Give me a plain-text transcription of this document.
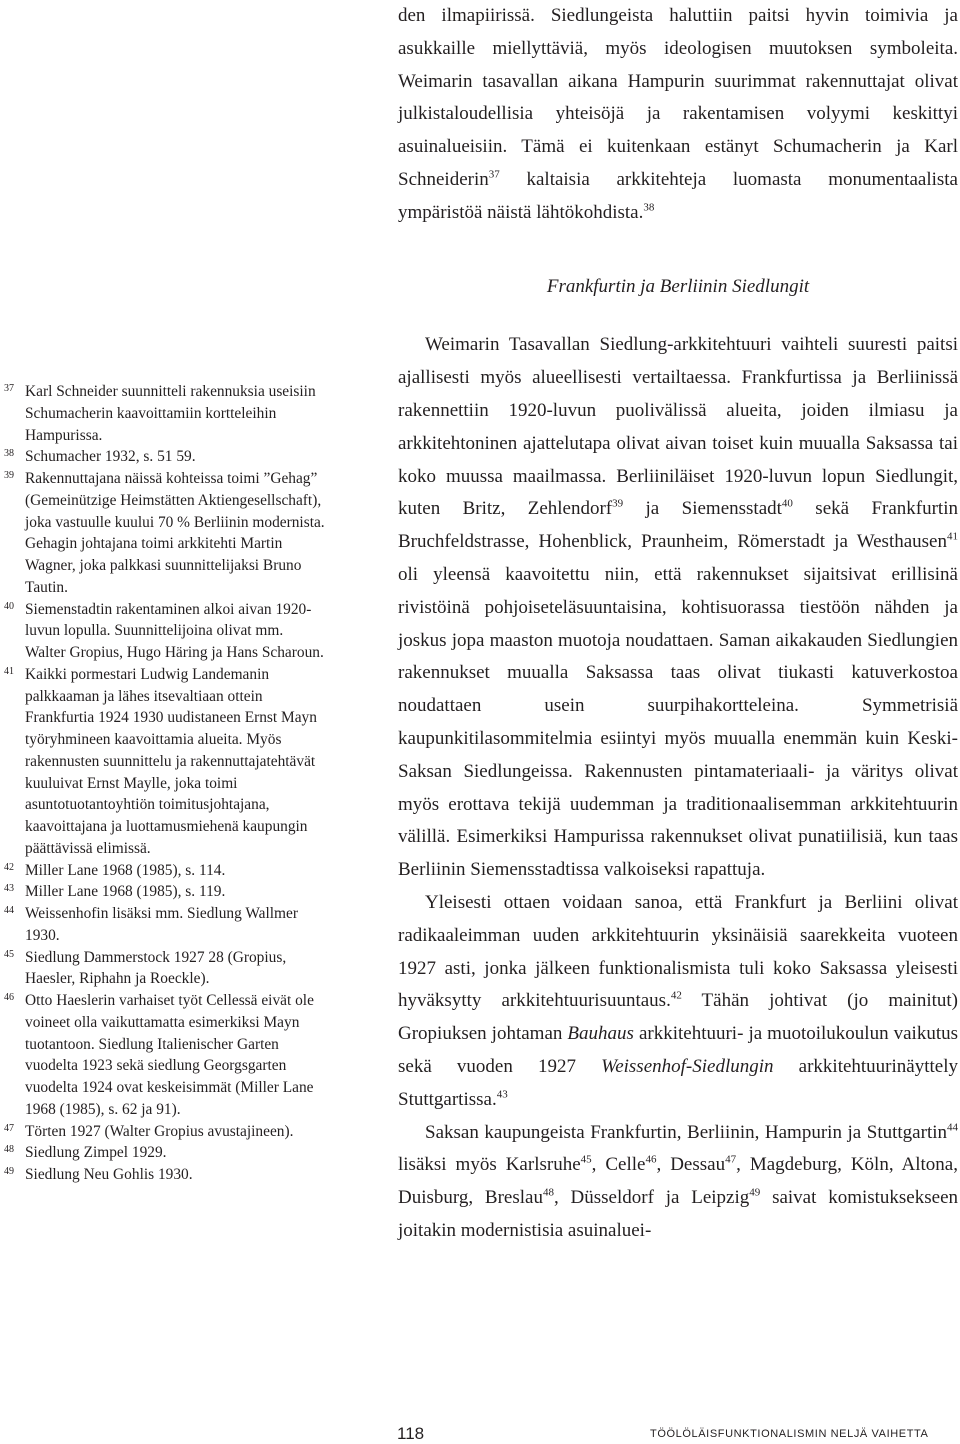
den ilmapiirissä. Siedlungeista haluttiin paitsi hyvin toimivia ja asukkaille miellyttäviä, myös ideologisen muutoksen symboleita. Weimarin tasavallan aikana Hampurin suurimmat rakennuttajat olivat julkistaloudellisia yhteisöjä ja rakentamisen volyymi keskittyi asuinalueisiin. Tämä ei kuitenkaan estänyt Schumacherin ja Karl Schneiderin$^{37}$ kaltaisia arkkitehteja luomasta monumentaalista ympäristöä näistä lähtökohdista.$^{38}$

Frankfurtin ja Berliinin Siedlungit

Weimarin Tasavallan Siedlung-arkkitehtuuri vaihteli suuresti paitsi ajallisesti myös alueellisesti vertailtaessa. Frankfurtissa ja Berliinissä rakennettiin 1920-luvun puolivälissä alueita, joiden ilmiasu ja arkkitehtoninen ajattelutapa olivat aivan toiset kuin muualla Saksassa tai koko muussa maailmassa. Berliiniläiset 1920-luvun lopun Siedlungit, kuten Britz, Zehlendorf$^{39}$ ja Siemensstadt$^{40}$ sekä Frankfurtin Bruchfeldstrasse, Hohenblick, Praunheim, Römerstadt ja Westhausen$^{41}$ oli yleensä kaavoitettu niin, että rakennukset sijaitsivat erillisinä rivistöinä pohjoiseteläsuuntaisina, kohtisuorassa tiestöön nähden ja joskus jopa maaston muotoja noudattaen. Saman aikakauden Siedlungien rakennukset muualla Saksassa taas olivat tiukasti katuverkostoa noudattaen usein suurpihakortteleina. Symmetrisiä kaupunkitilasommitelmia esiintyi myös muualla enemmän kuin Keski-Saksan Siedlungeissa. Rakennusten pintamateriaali- ja väritys olivat myös erottava tekijä uudemman ja traditionaalisemman arkkitehtuurin välillä. Esimerkiksi Hampurissa rakennukset olivat punatiilisiä, kun taas Berliinin Siemensstadtissa valkoiseksi rapattuja.

Yleisesti ottaen voidaan sanoa, että Frankfurt ja Berliini olivat radikaaleimman uuden arkkitehtuurin yksinäisiä saarekkeita vuoteen 1927 asti, jonka jälkeen funktionalismista tuli koko Saksassa yleisesti hyväksytty arkkitehtuurisuuntaus.$^{42}$ Tähän johtivat (jo mainitut) Gropiuksen johtaman Bauhaus arkkitehtuuri- ja muotoilukoulun vaikutus sekä vuoden 1927 Weissenhof-Siedlungin arkkitehtuurinäyttely Stuttgartissa.$^{43}$

Saksan kaupungeista Frankfurtin, Berliinin, Hampurin ja Stuttgartin$^{44}$ lisäksi myös Karlsruhe$^{45}$, Celle$^{46}$, Dessau$^{47}$, Magdeburg, Köln, Altona, Duisburg, Breslau$^{48}$, Düsseldorf ja Leipzig$^{49}$ saivat komistuksekseen joitakin modernistisia asuinaluei-

37 Karl Schneider suunnitteli rakennuksia useisiin Schumacherin kaavoittamiin kortteleihin Hampurissa.
38 Schumacher 1932, s. 51 59.
39 Rakennuttajana näissä kohteissa toimi ”Gehag” (Gemeinützige Heimstätten Aktiengesellschaft), joka vastuulle kuului 70 % Berliinin modernista. Gehagin johtajana toimi arkkitehti Martin Wagner, joka palkkasi suunnittelijaksi Bruno Tautin.
40 Siemenstadtin rakentaminen alkoi aivan 1920-luvun lopulla. Suunnittelijoina olivat mm. Walter Gropius, Hugo Häring ja Hans Scharoun.
41 Kaikki pormestari Ludwig Landemanin palkkaaman ja lähes itsevaltiaan ottein Frankfurtia 1924 1930 uudistaneen Ernst Mayn työryhmineen kaavoittamia alueita. Myös rakennusten suunnittelu ja rakennuttajatehtävät kuuluivat Ernst Maylle, joka toimi asuntotuotantoyhtiön toimitusjohtajana, kaavoittajana ja luottamusmiehenä kaupungin päättävissä elimissä.
42 Miller Lane 1968 (1985), s. 114.
43 Miller Lane 1968 (1985), s. 119.
44 Weissenhofin lisäksi mm. Siedlung Wallmer 1930.
45 Siedlung Dammerstock 1927 28 (Gropius, Haesler, Riphahn ja Roeckle).
46 Otto Haeslerin varhaiset työt Cellessä eivät ole voineet olla vaikuttamatta esimerkiksi Mayn tuotantoon. Siedlung Italienischer Garten vuodelta 1923 sekä siedlung Georgsgarten vuodelta 1924 ovat keskeisimmät (Miller Lane 1968 (1985), s. 62 ja 91).
47 Törten 1927 (Walter Gropius avustajineen).
48 Siedlung Zimpel 1929.
49 Siedlung Neu Gohlis 1930.
118	TÖÖLÖLÄISFUNKTIONALISMIN NELJÄ VAIHETTA
